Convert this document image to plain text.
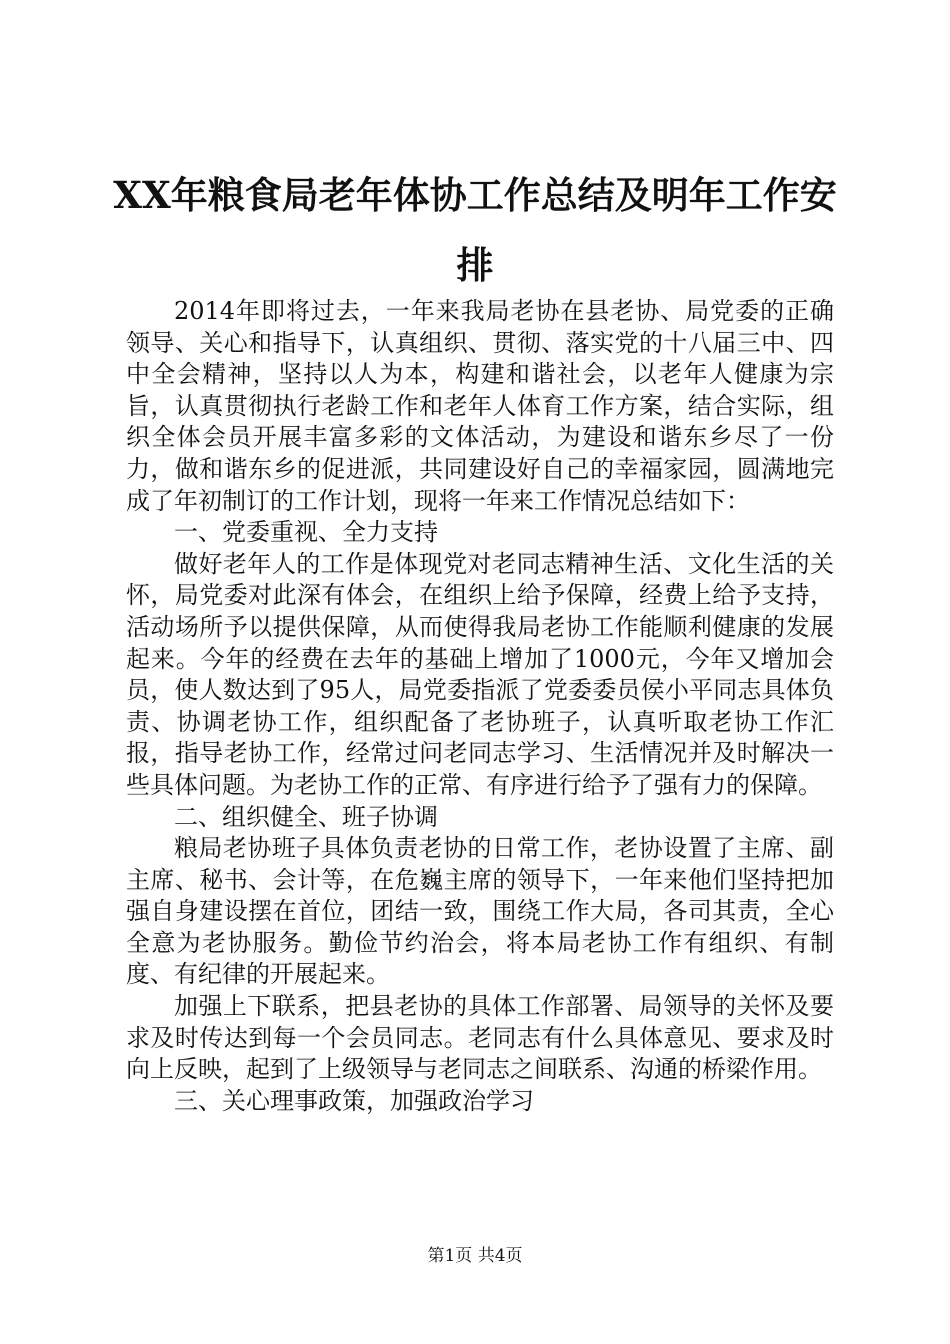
XX年粮食局老年体协工作总结及明年工作安排

2014年即将过去，一年来我局老协在县老协、局党委的正确领导、关心和指导下，认真组织、贯彻、落实党的十八届三中、四中全会精神，坚持以人为本，构建和谐社会，以老年人健康为宗旨，认真贯彻执行老龄工作和老年人体育工作方案，结合实际，组织全体会员开展丰富多彩的文体活动，为建设和谐东乡尽了一份力，做和谐东乡的促进派，共同建设好自己的幸福家园，圆满地完成了年初制订的工作计划，现将一年来工作情况总结如下：

一、党委重视、全力支持

做好老年人的工作是体现党对老同志精神生活、文化生活的关怀，局党委对此深有体会，在组织上给予保障，经费上给予支持，活动场所予以提供保障，从而使得我局老协工作能顺利健康的发展起来。今年的经费在去年的基础上增加了1000元，今年又增加会员，使人数达到了95人，局党委指派了党委委员侯小平同志具体负责、协调老协工作，组织配备了老协班子，认真听取老协工作汇报，指导老协工作，经常过问老同志学习、生活情况并及时解决一些具体问题。为老协工作的正常、有序进行给予了强有力的保障。

二、组织健全、班子协调

粮局老协班子具体负责老协的日常工作，老协设置了主席、副主席、秘书、会计等，在危巍主席的领导下，一年来他们坚持把加强自身建设摆在首位，团结一致，围绕工作大局，各司其责，全心全意为老协服务。勤俭节约治会，将本局老协工作有组织、有制度、有纪律的开展起来。

加强上下联系，把县老协的具体工作部署、局领导的关怀及要求及时传达到每一个会员同志。老同志有什么具体意见、要求及时向上反映，起到了上级领导与老同志之间联系、沟通的桥梁作用。

三、关心理事政策，加强政治学习

第1页 共4页
